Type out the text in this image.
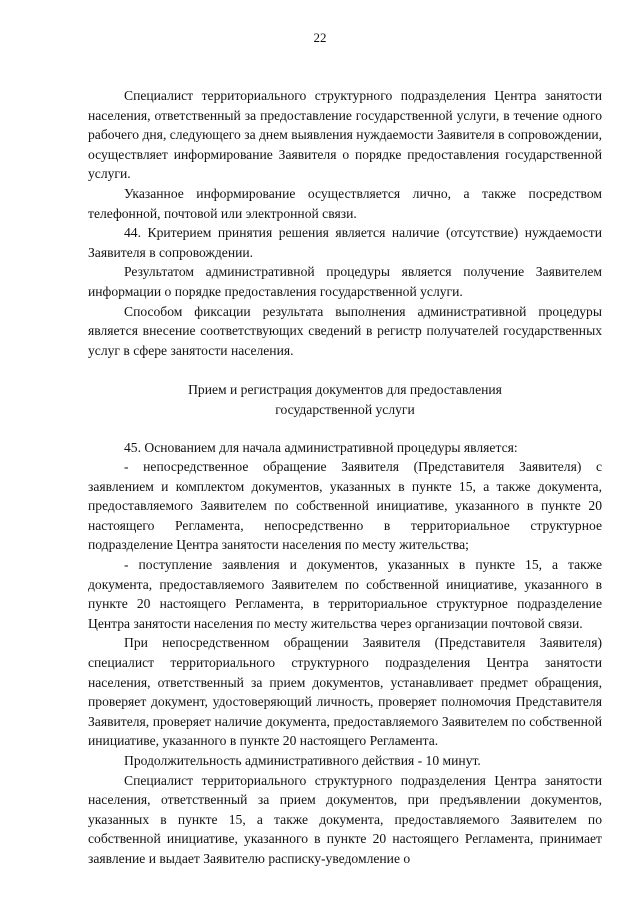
22

Специалист территориального структурного подразделения Центра занятости населения, ответственный за предоставление государственной услуги, в течение одного рабочего дня, следующего за днем выявления нуждаемости Заявителя в сопровождении, осуществляет информирование Заявителя о порядке предоставления государственной услуги.

Указанное информирование осуществляется лично, а также посредством телефонной, почтовой или электронной связи.

44. Критерием принятия решения является наличие (отсутствие) нуждаемости Заявителя в сопровождении.

Результатом административной процедуры является получение Заявителем информации о порядке предоставления государственной услуги.

Способом фиксации результата выполнения административной процедуры является внесение соответствующих сведений в регистр получателей государственных услуг в сфере занятости населения.

Прием и регистрация документов для предоставления
государственной услуги

45. Основанием для начала административной процедуры является:

- непосредственное обращение Заявителя (Представителя Заявителя) с заявлением и комплектом документов, указанных в пункте 15, а также документа, предоставляемого Заявителем по собственной инициативе, указанного в пункте 20 настоящего Регламента, непосредственно в территориальное структурное подразделение Центра занятости населения по месту жительства;

- поступление заявления и документов, указанных в пункте 15, а также документа, предоставляемого Заявителем по собственной инициативе, указанного в пункте 20 настоящего Регламента, в территориальное структурное подразделение Центра занятости населения по месту жительства через организации почтовой связи.

При непосредственном обращении Заявителя (Представителя Заявителя) специалист территориального структурного подразделения Центра занятости населения, ответственный за прием документов, устанавливает предмет обращения, проверяет документ, удостоверяющий личность, проверяет полномочия Представителя Заявителя, проверяет наличие документа, предоставляемого Заявителем по собственной инициативе, указанного в пункте 20 настоящего Регламента.

Продолжительность административного действия - 10 минут.

Специалист территориального структурного подразделения Центра занятости населения, ответственный за прием документов, при предъявлении документов, указанных в пункте 15, а также документа, предоставляемого Заявителем по собственной инициативе, указанного в пункте 20 настоящего Регламента, принимает заявление и выдает Заявителю расписку-уведомление о
